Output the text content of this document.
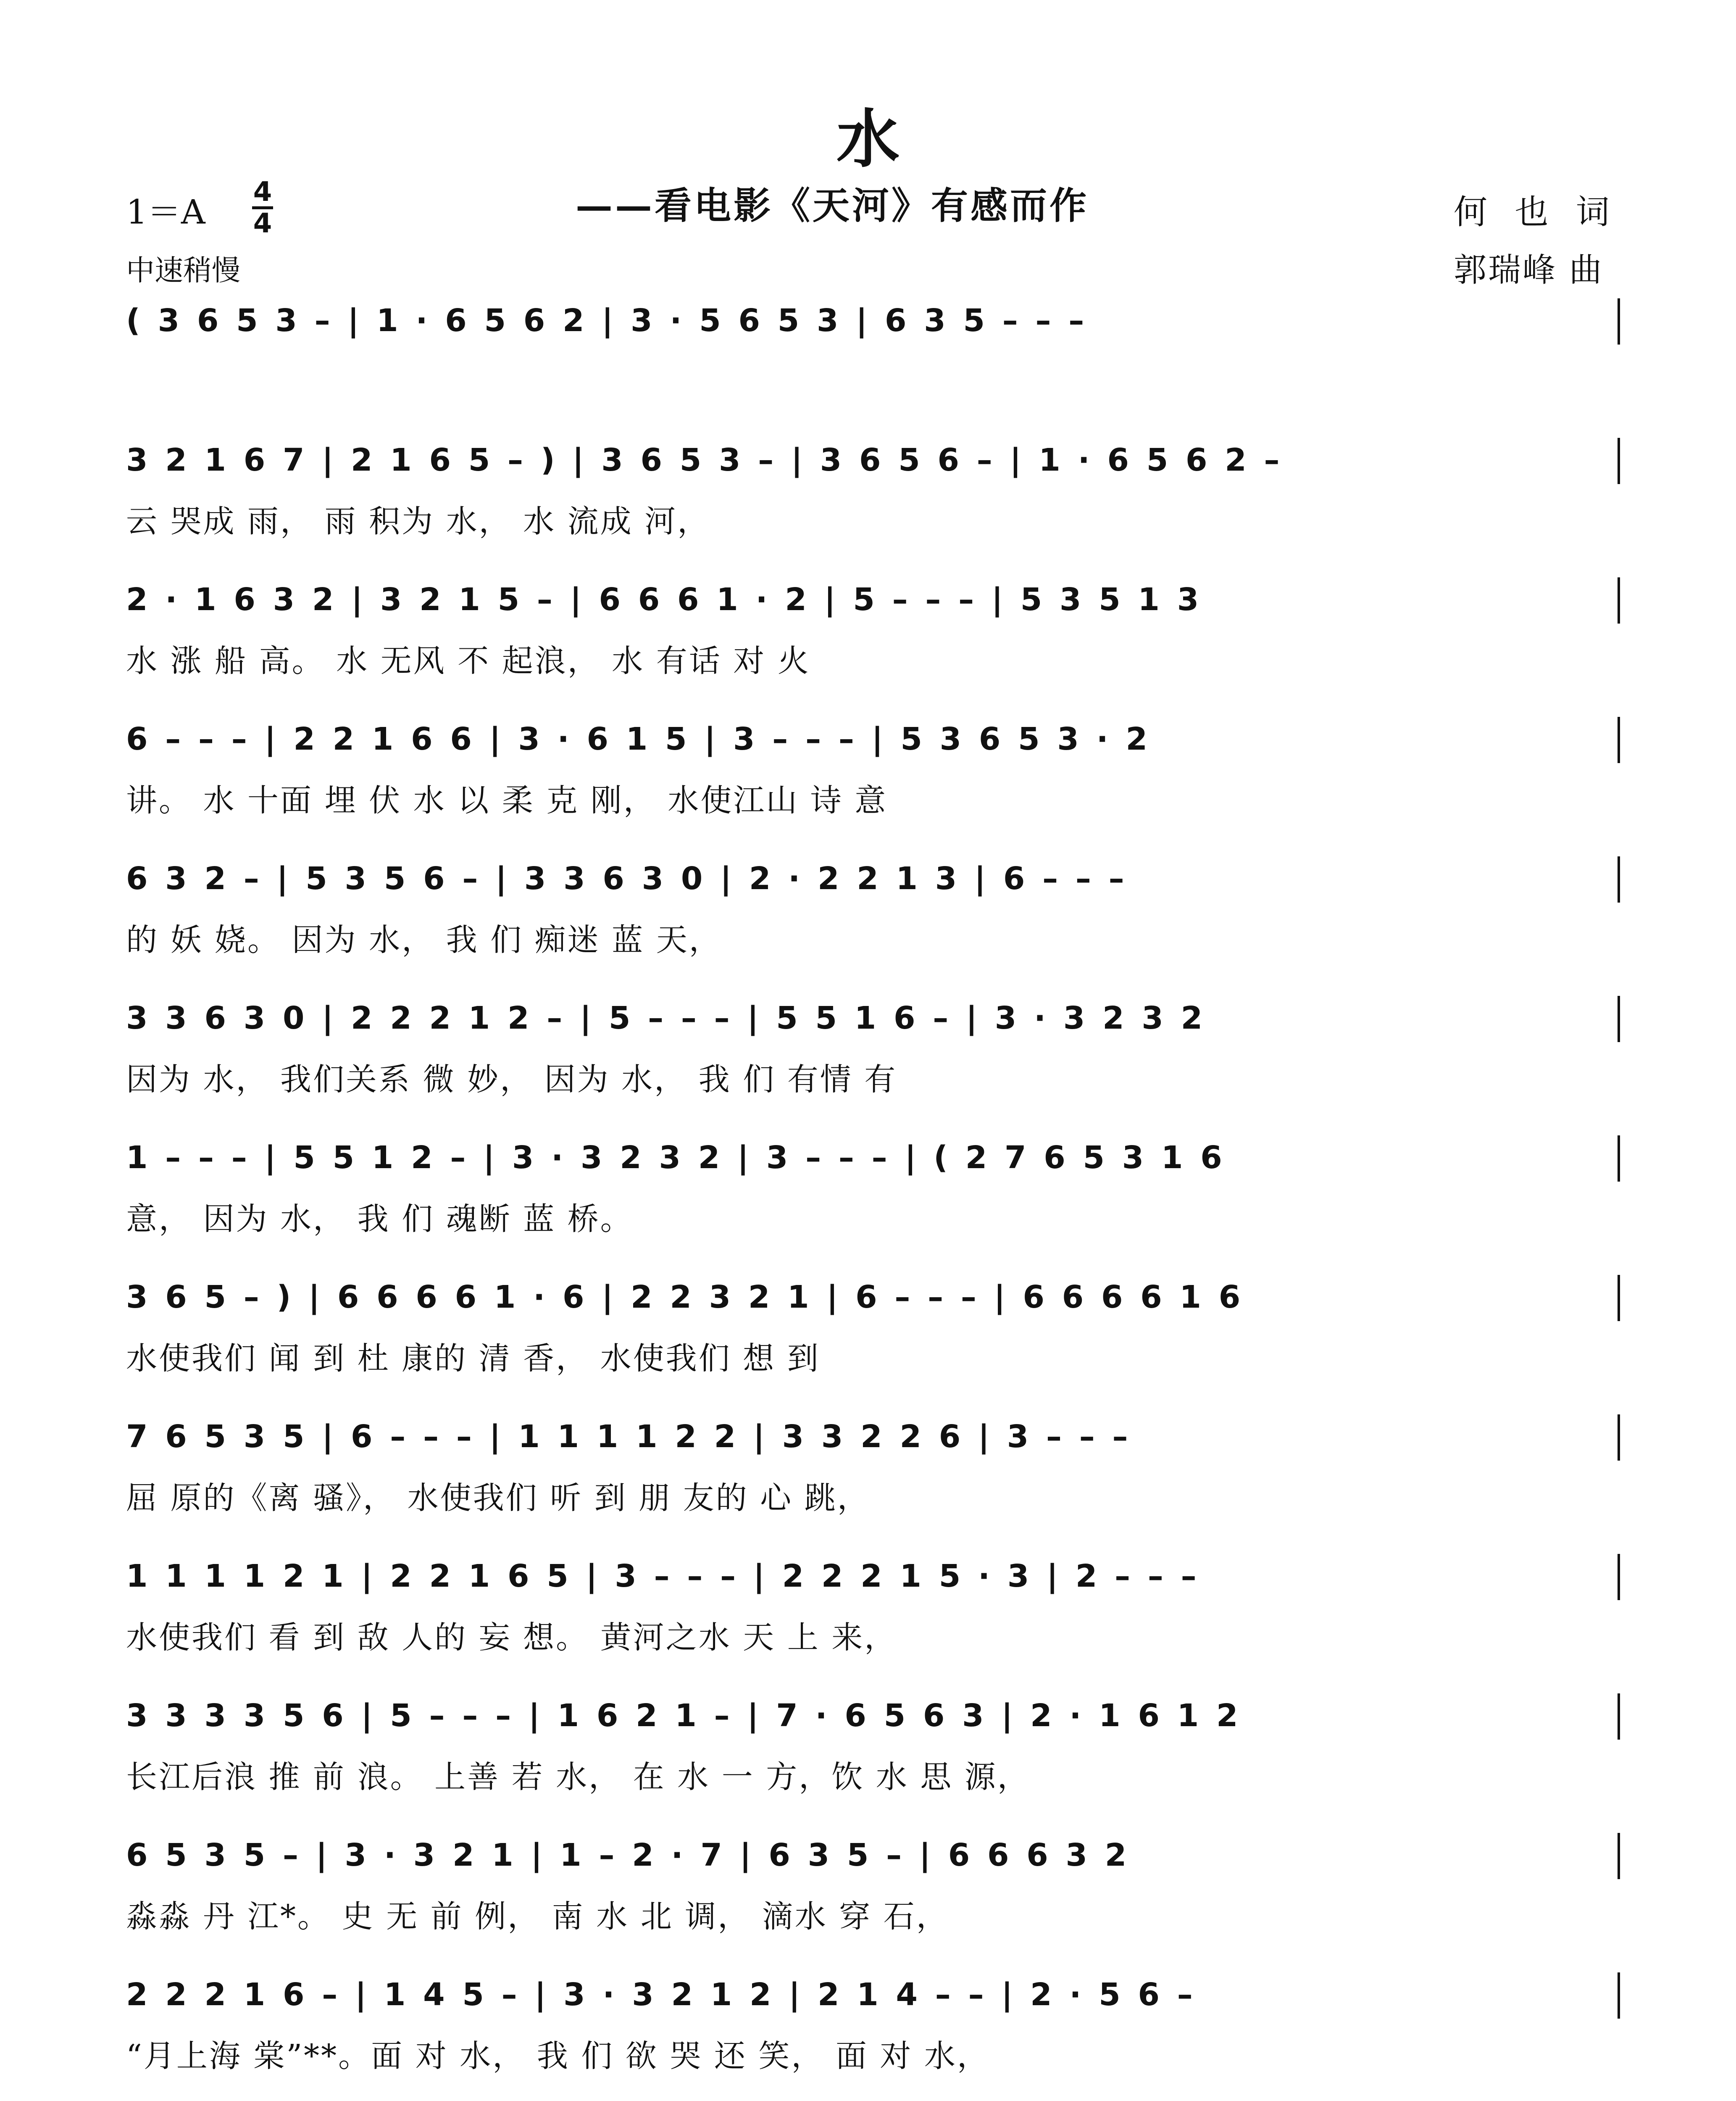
水
——看电影《天河》有感而作
1＝A
4
4
中速稍慢
何 也 词
郭瑞峰 曲
( 3 6 5 3 – | 1 · 6 5 6 2 | 3 · 5 6 5 3 | 6 3 5 – – –
3 2 1 6 7 | 2 1 6 5 – ) | 3 6 5 3 – | 3 6 5 6 – | 1 · 6 5 6 2 –
云 哭成 雨， 雨 积为 水， 水 流成 河，
2 · 1 6 3 2 | 3 2 1 5 – | 6 6 6 1 · 2 | 5 – – – | 5 3 5 1 3
水 涨 船 高。 水 无风 不 起浪， 水 有话 对 火
6 – – – | 2 2 1 6 6 | 3 · 6 1 5 | 3 – – – | 5 3 6 5 3 · 2
讲。 水 十面 埋 伏 水 以 柔 克 刚， 水使江山 诗 意
6 3 2 – | 5 3 5 6 – | 3 3 6 3 0 | 2 · 2 2 1 3 | 6 – – –
的 妖 娆。 因为 水， 我 们 痴迷 蓝 天，
3 3 6 3 0 | 2 2 2 1 2 – | 5 – – – | 5 5 1 6 – | 3 · 3 2 3 2
因为 水， 我们关系 微 妙， 因为 水， 我 们 有情 有
1 – – – | 5 5 1 2 – | 3 · 3 2 3 2 | 3 – – – | ( 2 7 6 5 3 1 6
意， 因为 水， 我 们 魂断 蓝 桥。
3 6 5 – ) | 6 6 6 6 1 · 6 | 2 2 3 2 1 | 6 – – – | 6 6 6 6 1 6
水使我们 闻 到 杜 康的 清 香， 水使我们 想 到
7 6 5 3 5 | 6 – – – | 1 1 1 1 2 2 | 3 3 2 2 6 | 3 – – –
屈 原的《离 骚》， 水使我们 听 到 朋 友的 心 跳，
1 1 1 1 2 1 | 2 2 1 6 5 | 3 – – – | 2 2 2 1 5 · 3 | 2 – – –
水使我们 看 到 敌 人的 妄 想。 黄河之水 天 上 来，
3 3 3 3 5 6 | 5 – – – | 1 6 2 1 – | 7 · 6 5 6 3 | 2 · 1 6 1 2
长江后浪 推 前 浪。 上善 若 水， 在 水 一 方，饮 水 思 源，
6 5 3 5 – | 3 · 3 2 1 | 1 – 2 · 7 | 6 3 5 – | 6 6 6 3 2
淼淼 丹 江*。 史 无 前 例， 南 水 北 调， 滴水 穿 石，
2 2 2 1 6 – | 1 4 5 – | 3 · 3 2 1 2 | 2 1 4 – – | 2 · 5 6 –
“月上海 棠”**。面 对 水， 我 们 欲 哭 还 笑， 面 对 水，
